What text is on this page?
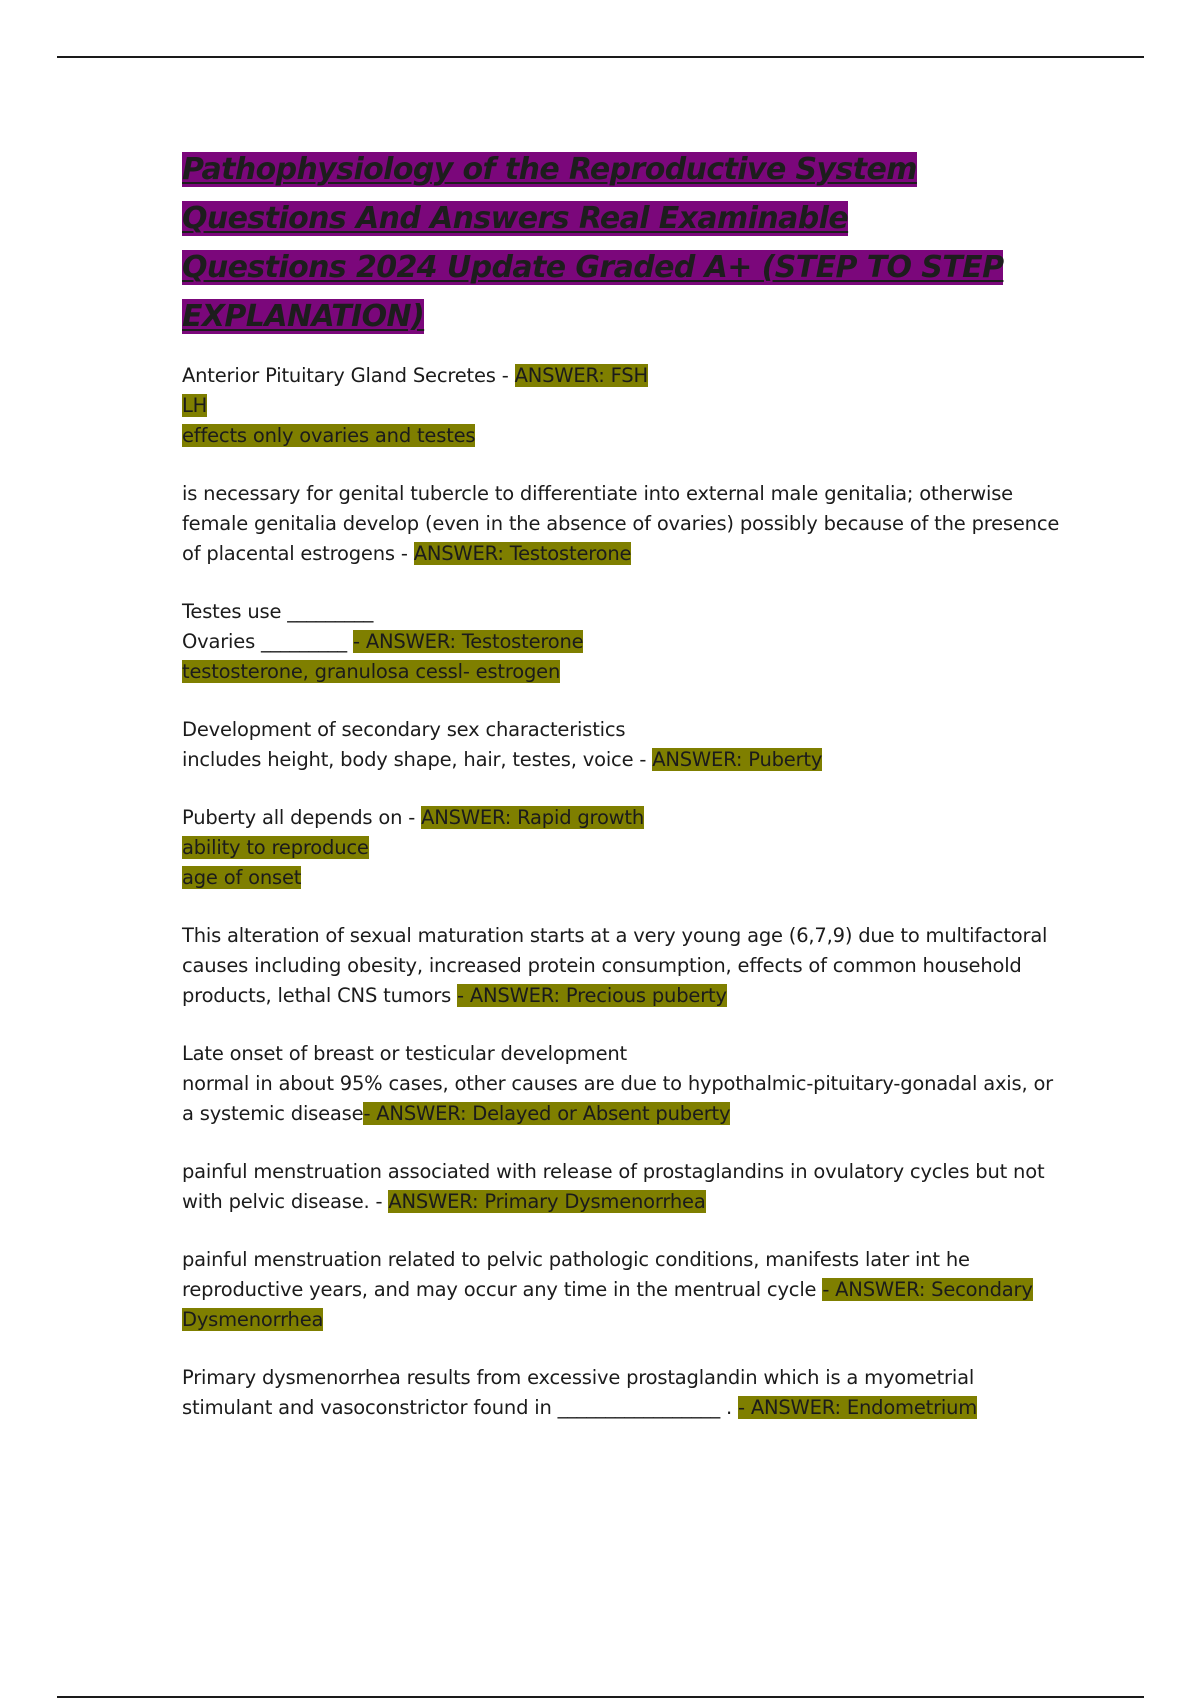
Pathophysiology of the Reproductive System Questions And Answers Real Examinable Questions 2024 Update Graded A+ (STEP TO STEP EXPLANATION)

Anterior Pituitary Gland Secretes - ANSWER: FSH
LH
effects only ovaries and testes

is necessary for genital tubercle to differentiate into external male genitalia; otherwise female genitalia develop (even in the absence of ovaries) possibly because of the presence of placental estrogens - ANSWER: Testosterone

Testes use _________
Ovaries _________ - ANSWER: Testosterone
testosterone, granulosa cessl- estrogen

Development of secondary sex characteristics
includes height, body shape, hair, testes, voice - ANSWER: Puberty

Puberty all depends on - ANSWER: Rapid growth
ability to reproduce
age of onset

This alteration of sexual maturation starts at a very young age (6,7,9) due to multifactoral causes including obesity, increased protein consumption, effects of common household products, lethal CNS tumors - ANSWER: Precious puberty

Late onset of breast or testicular development
normal in about 95% cases, other causes are due to hypothalmic-pituitary-gonadal axis, or a systemic disease- ANSWER: Delayed or Absent puberty

painful menstruation associated with release of prostaglandins in ovulatory cycles but not with pelvic disease. - ANSWER: Primary Dysmenorrhea

painful menstruation related to pelvic pathologic conditions, manifests later int he reproductive years, and may occur any time in the mentrual cycle - ANSWER: Secondary Dysmenorrhea

Primary dysmenorrhea results from excessive prostaglandin which is a myometrial stimulant and vasoconstrictor found in _________________ . - ANSWER: Endometrium
